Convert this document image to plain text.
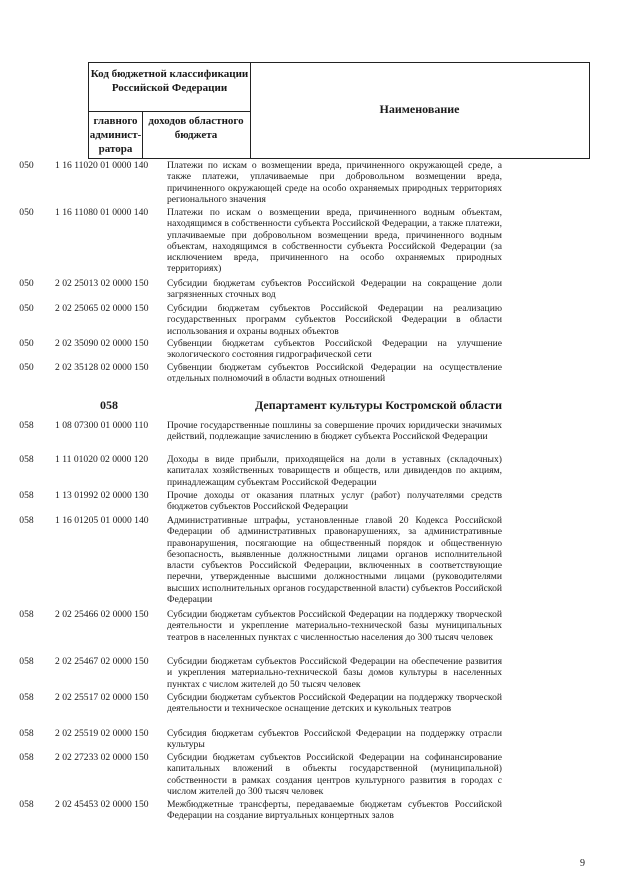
Код бюджетной классификации Российской Федерации
главного админист-ратора
доходов областного бюджета
Наименование
050	1 16 11020 01 0000 140	Платежи по искам о возмещении вреда, причиненного окружающей среде, а также платежи, уплачиваемые при добровольном возмещении вреда, причиненного окружающей среде на особо охраняемых природных территориях регионального значения
050	1 16 11080 01 0000 140	Платежи по искам о возмещении вреда, причиненного водным объектам, находящимся в собственности субъекта Российской Федерации, а также платежи, уплачиваемые при добровольном возмещении вреда, причиненного водным объектам, находящимся в собственности субъекта Российской Федерации (за исключением вреда, причиненного на особо охраняемых природных территориях)
050	2 02 25013 02 0000 150	Субсидии бюджетам субъектов Российской Федерации на сокращение доли загрязненных сточных вод
050	2 02 25065 02 0000 150	Субсидии бюджетам субъектов Российской Федерации на реализацию государственных программ субъектов Российской Федерации в области использования и охраны водных объектов
050	2 02 35090 02 0000 150	Субвенции бюджетам субъектов Российской Федерации на улучшение экологического состояния гидрографической сети
050	2 02 35128 02 0000 150	Субвенции бюджетам субъектов Российской Федерации на осуществление отдельных полномочий в области водных отношений
058	Департамент культуры Костромской области
058	1 08 07300 01 0000 110	Прочие государственные пошлины за совершение прочих юридически значимых действий, подлежащие зачислению в бюджет субъекта Российской Федерации
058	1 11 01020 02 0000 120	Доходы в виде прибыли, приходящейся на доли в уставных (складочных) капиталах хозяйственных товариществ и обществ, или дивидендов по акциям, принадлежащим субъектам Российской Федерации
058	1 13 01992 02 0000 130	Прочие доходы от оказания платных услуг (работ) получателями средств бюджетов субъектов Российской Федерации
058	1 16 01205 01 0000 140	Административные штрафы, установленные главой 20 Кодекса Российской Федерации об административных правонарушениях, за административные правонарушения, посягающие на общественный порядок и общественную безопасность, выявленные должностными лицами органов исполнительной власти субъектов Российской Федерации, включенных в соответствующие перечни, утвержденные высшими должностными лицами (руководителями высших исполнительных органов государственной власти) субъектов Российской Федерации
058	2 02 25466 02 0000 150	Субсидии бюджетам субъектов Российской Федерации на поддержку творческой деятельности и укрепление материально-технической базы муниципальных театров в населенных пунктах с численностью населения до 300 тысяч человек
058	2 02 25467 02 0000 150	Субсидии бюджетам субъектов Российской Федерации на обеспечение развития и укрепления материально-технической базы домов культуры в населенных пунктах с числом жителей до 50 тысяч человек
058	2 02 25517 02 0000 150	Субсидии бюджетам субъектов Российской Федерации на поддержку творческой деятельности и техническое оснащение детских и кукольных театров
058	2 02 25519 02 0000 150	Субсидия бюджетам субъектов Российской Федерации на поддержку отрасли культуры
058	2 02 27233 02 0000 150	Субсидии бюджетам субъектов Российской Федерации на софинансирование капитальных вложений в объекты государственной (муниципальной) собственности в рамках создания центров культурного развития в городах с числом жителей до 300 тысяч человек
058	2 02 45453 02 0000 150	Межбюджетные трансферты, передаваемые бюджетам субъектов Российской Федерации на создание виртуальных концертных залов
9
